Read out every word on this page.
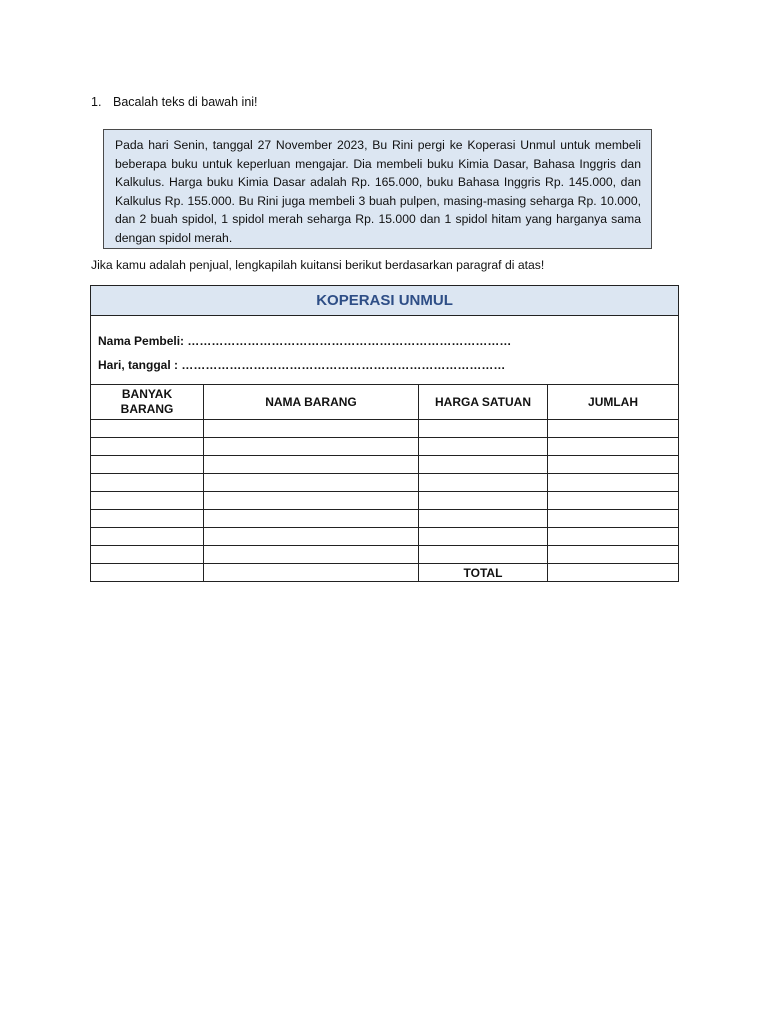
1. Bacalah teks di bawah ini!

Pada hari Senin, tanggal 27 November 2023, Bu Rini pergi ke Koperasi Unmul untuk membeli beberapa buku untuk keperluan mengajar. Dia membeli buku Kimia Dasar, Bahasa Inggris dan Kalkulus. Harga buku Kimia Dasar adalah Rp. 165.000, buku Bahasa Inggris Rp. 145.000, dan Kalkulus Rp. 155.000. Bu Rini juga membeli 3 buah pulpen, masing-masing seharga Rp. 10.000, dan 2 buah spidol, 1 spidol merah seharga Rp. 15.000 dan 1 spidol hitam yang harganya sama dengan spidol merah.

Jika kamu adalah penjual, lengkapilah kuitansi berikut berdasarkan paragraf di atas!
KOPERASI UNMUL			

Nama Pembeli: ………………………………………………………………………
Hari, tanggal : ………………………………………………………………………			

BANYAK BARANG	NAMA BARANG	HARGA SATUAN	JUMLAH

		TOTAL	
